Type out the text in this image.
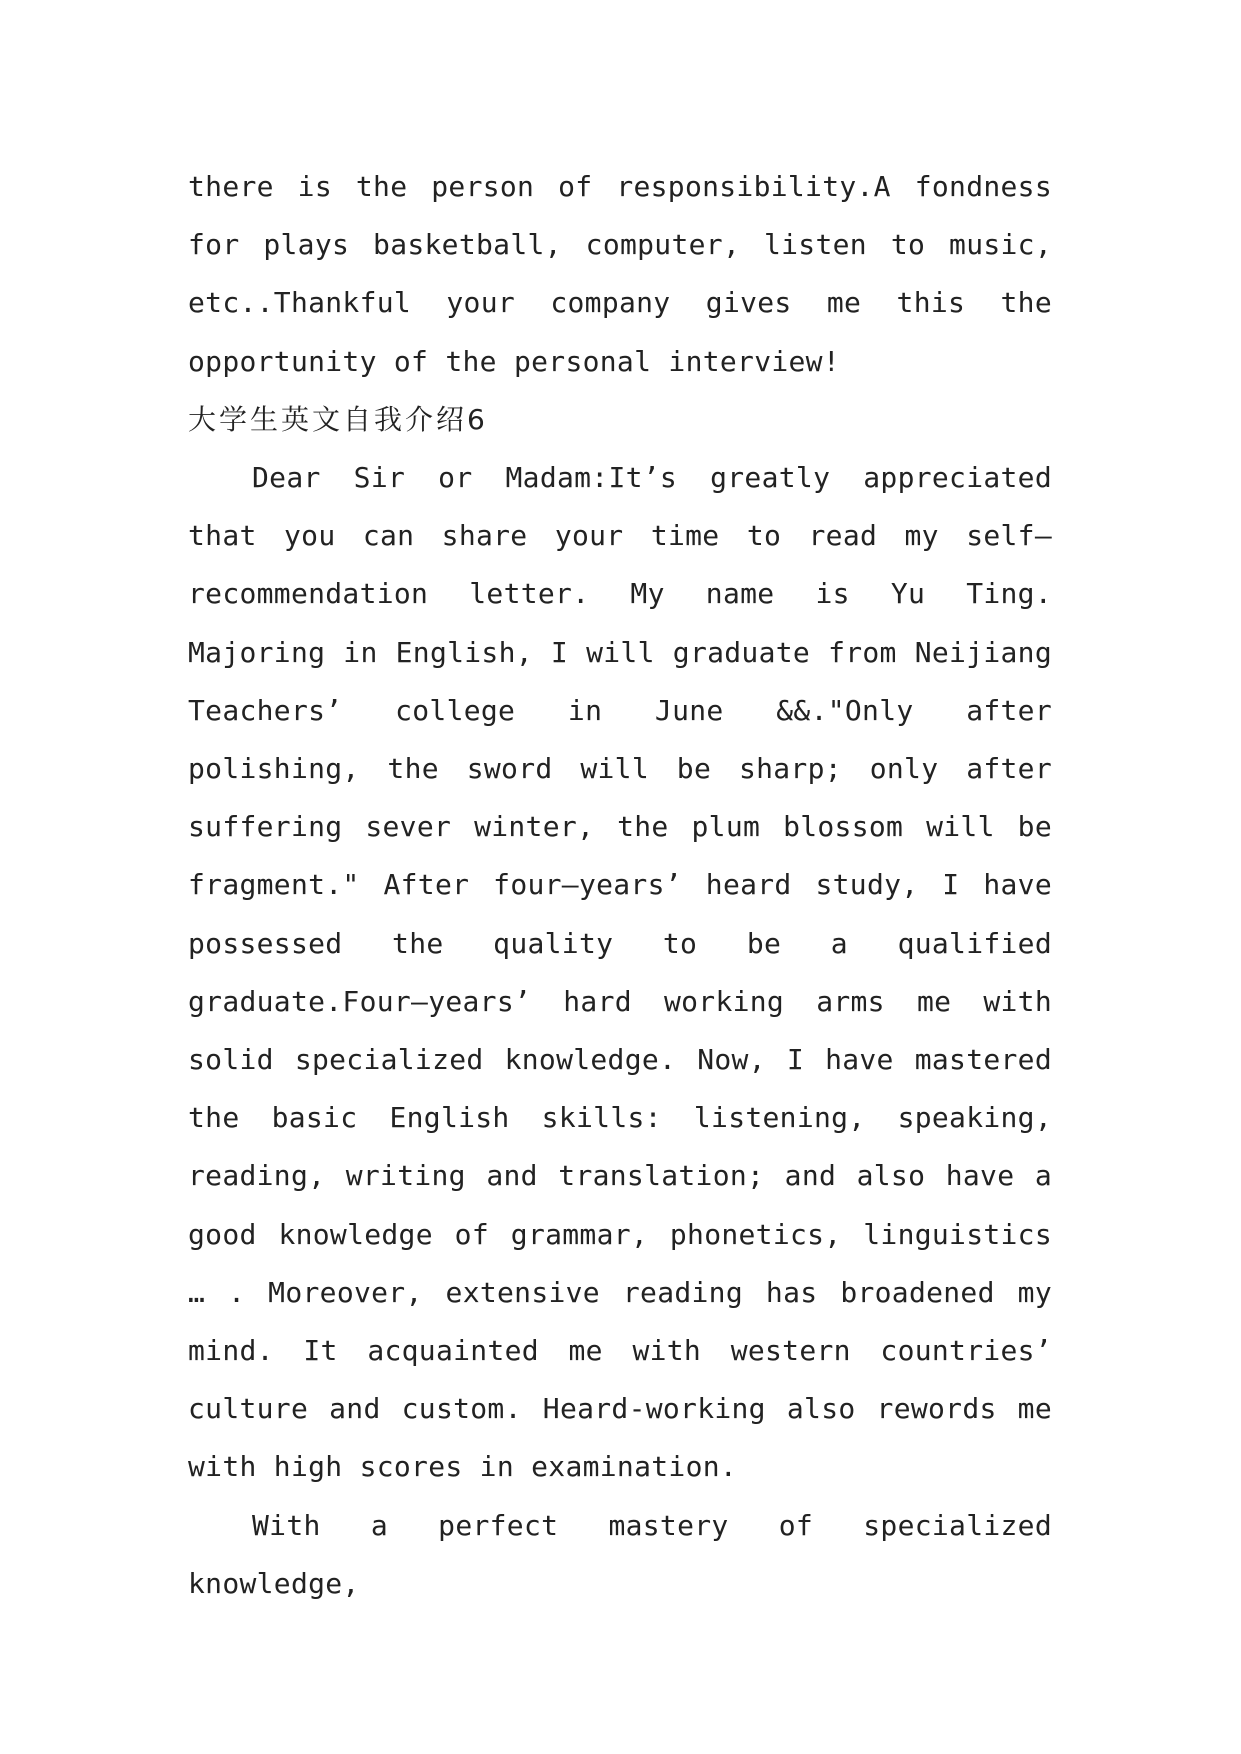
there is the person of responsibility.A fondness for plays basketball, computer, listen to music, etc..Thankful your company gives me this the opportunity of the personal interview!

大学生英文自我介绍6

Dear Sir or Madam:It’s greatly appreciated that you can share your time to read my self—recommendation letter. My name is Yu Ting. Majoring in English, I will graduate from Neijiang Teachers’ college in June &&."Only after polishing, the sword will be sharp; only after suffering sever winter, the plum blossom will be fragment." After four—years’ heard study, I have possessed the quality to be a qualified graduate.Four—years’ hard working arms me with solid specialized knowledge. Now, I have mastered the basic English skills: listening, speaking, reading, writing and translation; and also have a good knowledge of grammar, phonetics, linguistics … . Moreover, extensive reading has broadened my mind. It acquainted me with western countries’ culture and custom. Heard-working also rewords me with high scores in examination.

With a perfect mastery of specialized knowledge,
